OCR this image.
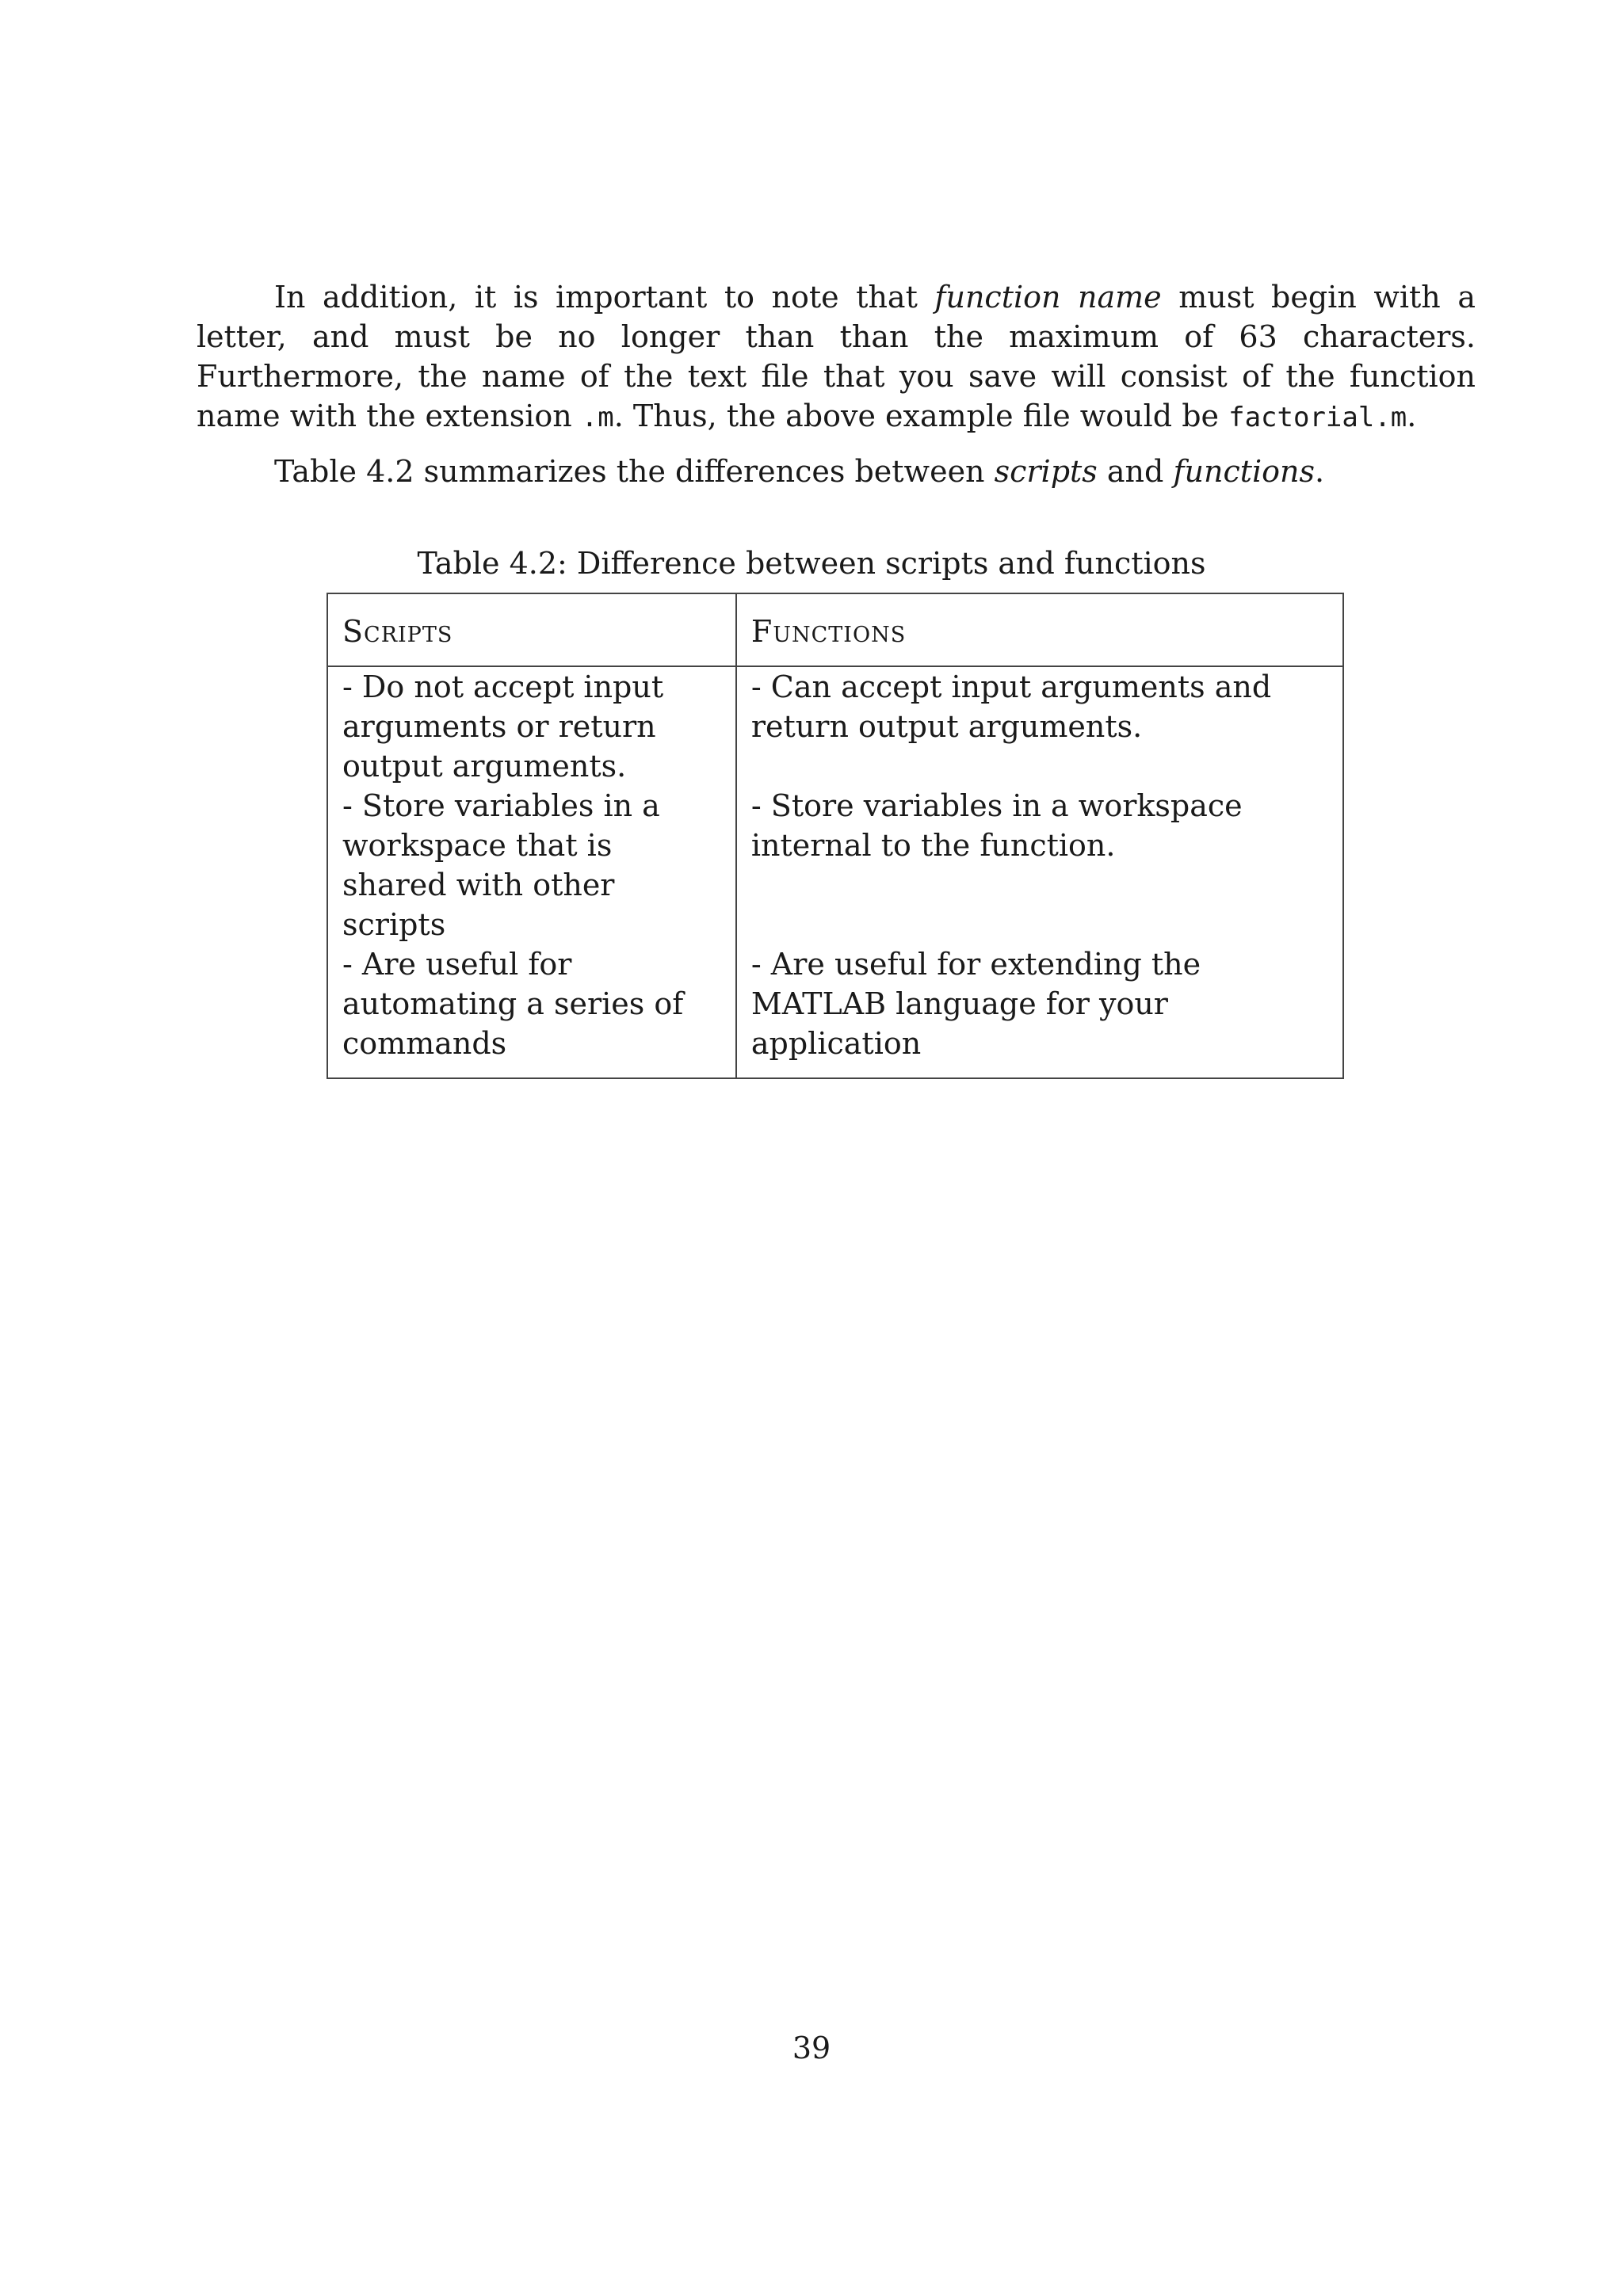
In addition, it is important to note that function name must begin with a letter, and must be no longer than than the maximum of 63 characters. Furthermore, the name of the text file that you save will consist of the function name with the extension .m. Thus, the above example file would be factorial.m.

Table 4.2 summarizes the differences between scripts and functions.

Table 4.2: Difference between scripts and functions

Scripts	Functions
- Do not accept input arguments or return output arguments.	- Can accept input arguments and return output arguments.
- Store variables in a workspace that is shared with other scripts	- Store variables in a workspace internal to the function.
- Are useful for automating a series of commands	- Are useful for extending the MATLAB language for your application
39
